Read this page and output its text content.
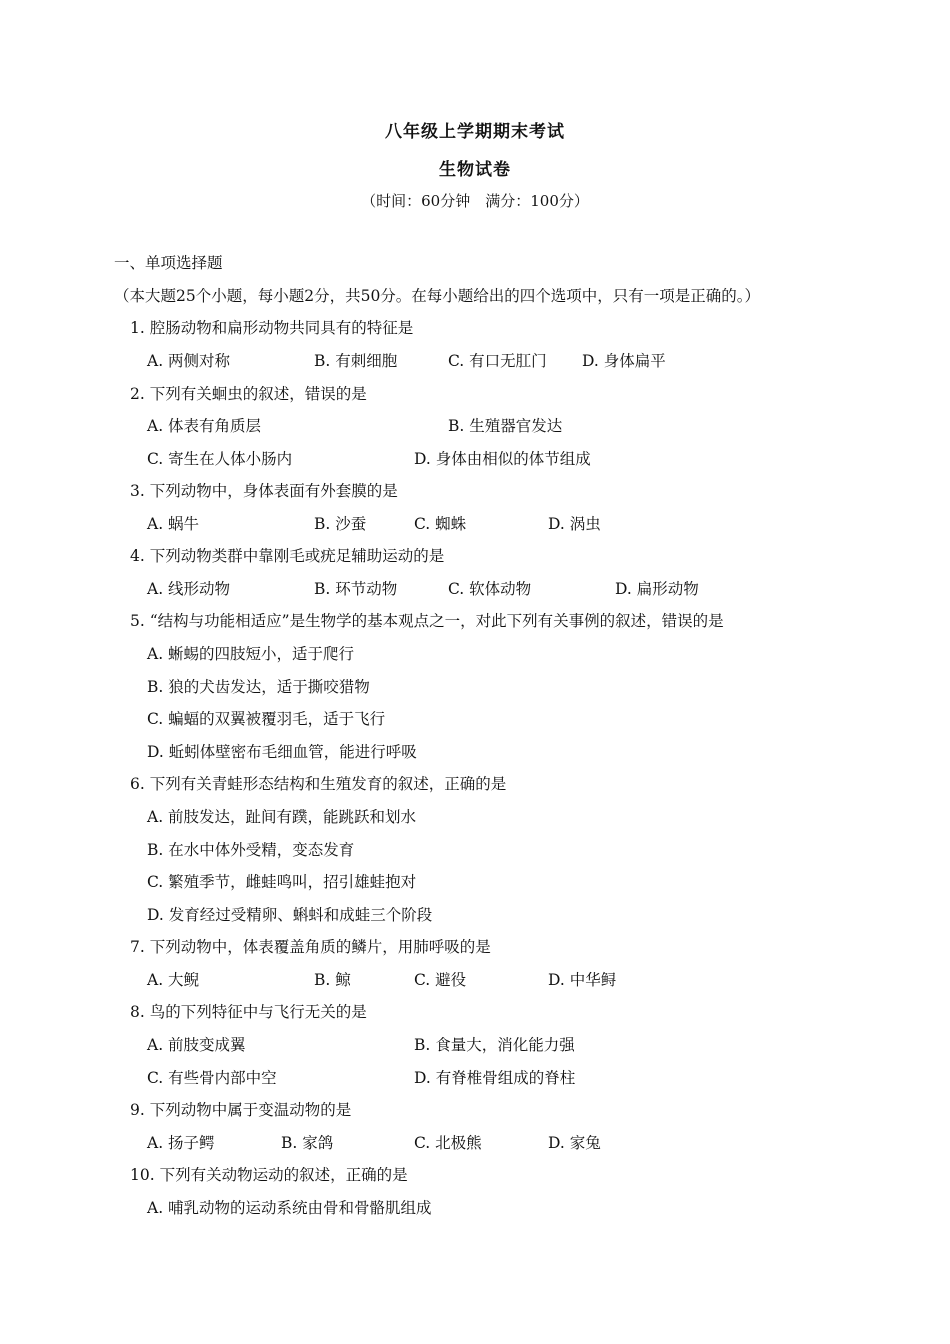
八年级上学期期末考试
生物试卷
（时间：60分钟　满分：100分）
一、单项选择题
（本大题25个小题，每小题2分，共50分。在每小题给出的四个选项中，只有一项是正确的。）
1. 腔肠动物和扁形动物共同具有的特征是
A. 两侧对称	B. 有刺细胞	C. 有口无肛门 D. 身体扁平
2. 下列有关蛔虫的叙述，错误的是
A. 体表有角质层	B. 生殖器官发达
C. 寄生在人体小肠内	D. 身体由相似的体节组成
3. 下列动物中，身体表面有外套膜的是
A. 蜗牛	B. 沙蚕	C. 蜘蛛	D. 涡虫
4. 下列动物类群中靠刚毛或疣足辅助运动的是
A. 线形动物	B. 环节动物	C. 软体动物	D. 扁形动物
5. “结构与功能相适应”是生物学的基本观点之一，对此下列有关事例的叙述，错误的是
A. 蜥蜴的四肢短小，适于爬行
B. 狼的犬齿发达，适于撕咬猎物
C. 蝙蝠的双翼被覆羽毛，适于飞行
D. 蚯蚓体壁密布毛细血管，能进行呼吸
6. 下列有关青蛙形态结构和生殖发育的叙述，正确的是
A. 前肢发达，趾间有蹼，能跳跃和划水
B. 在水中体外受精，变态发育
C. 繁殖季节，雌蛙鸣叫，招引雄蛙抱对
D. 发育经过受精卵、蝌蚪和成蛙三个阶段
7. 下列动物中，体表覆盖角质的鳞片，用肺呼吸的是
A. 大鲵	B. 鲸	C. 避役	D. 中华鲟
8. 鸟的下列特征中与飞行无关的是
A. 前肢变成翼	B. 食量大，消化能力强
C. 有些骨内部中空	D. 有脊椎骨组成的脊柱
9. 下列动物中属于变温动物的是
A. 扬子鳄	B. 家鸽	C. 北极熊	D. 家兔
10. 下列有关动物运动的叙述，正确的是
A. 哺乳动物的运动系统由骨和骨骼肌组成
